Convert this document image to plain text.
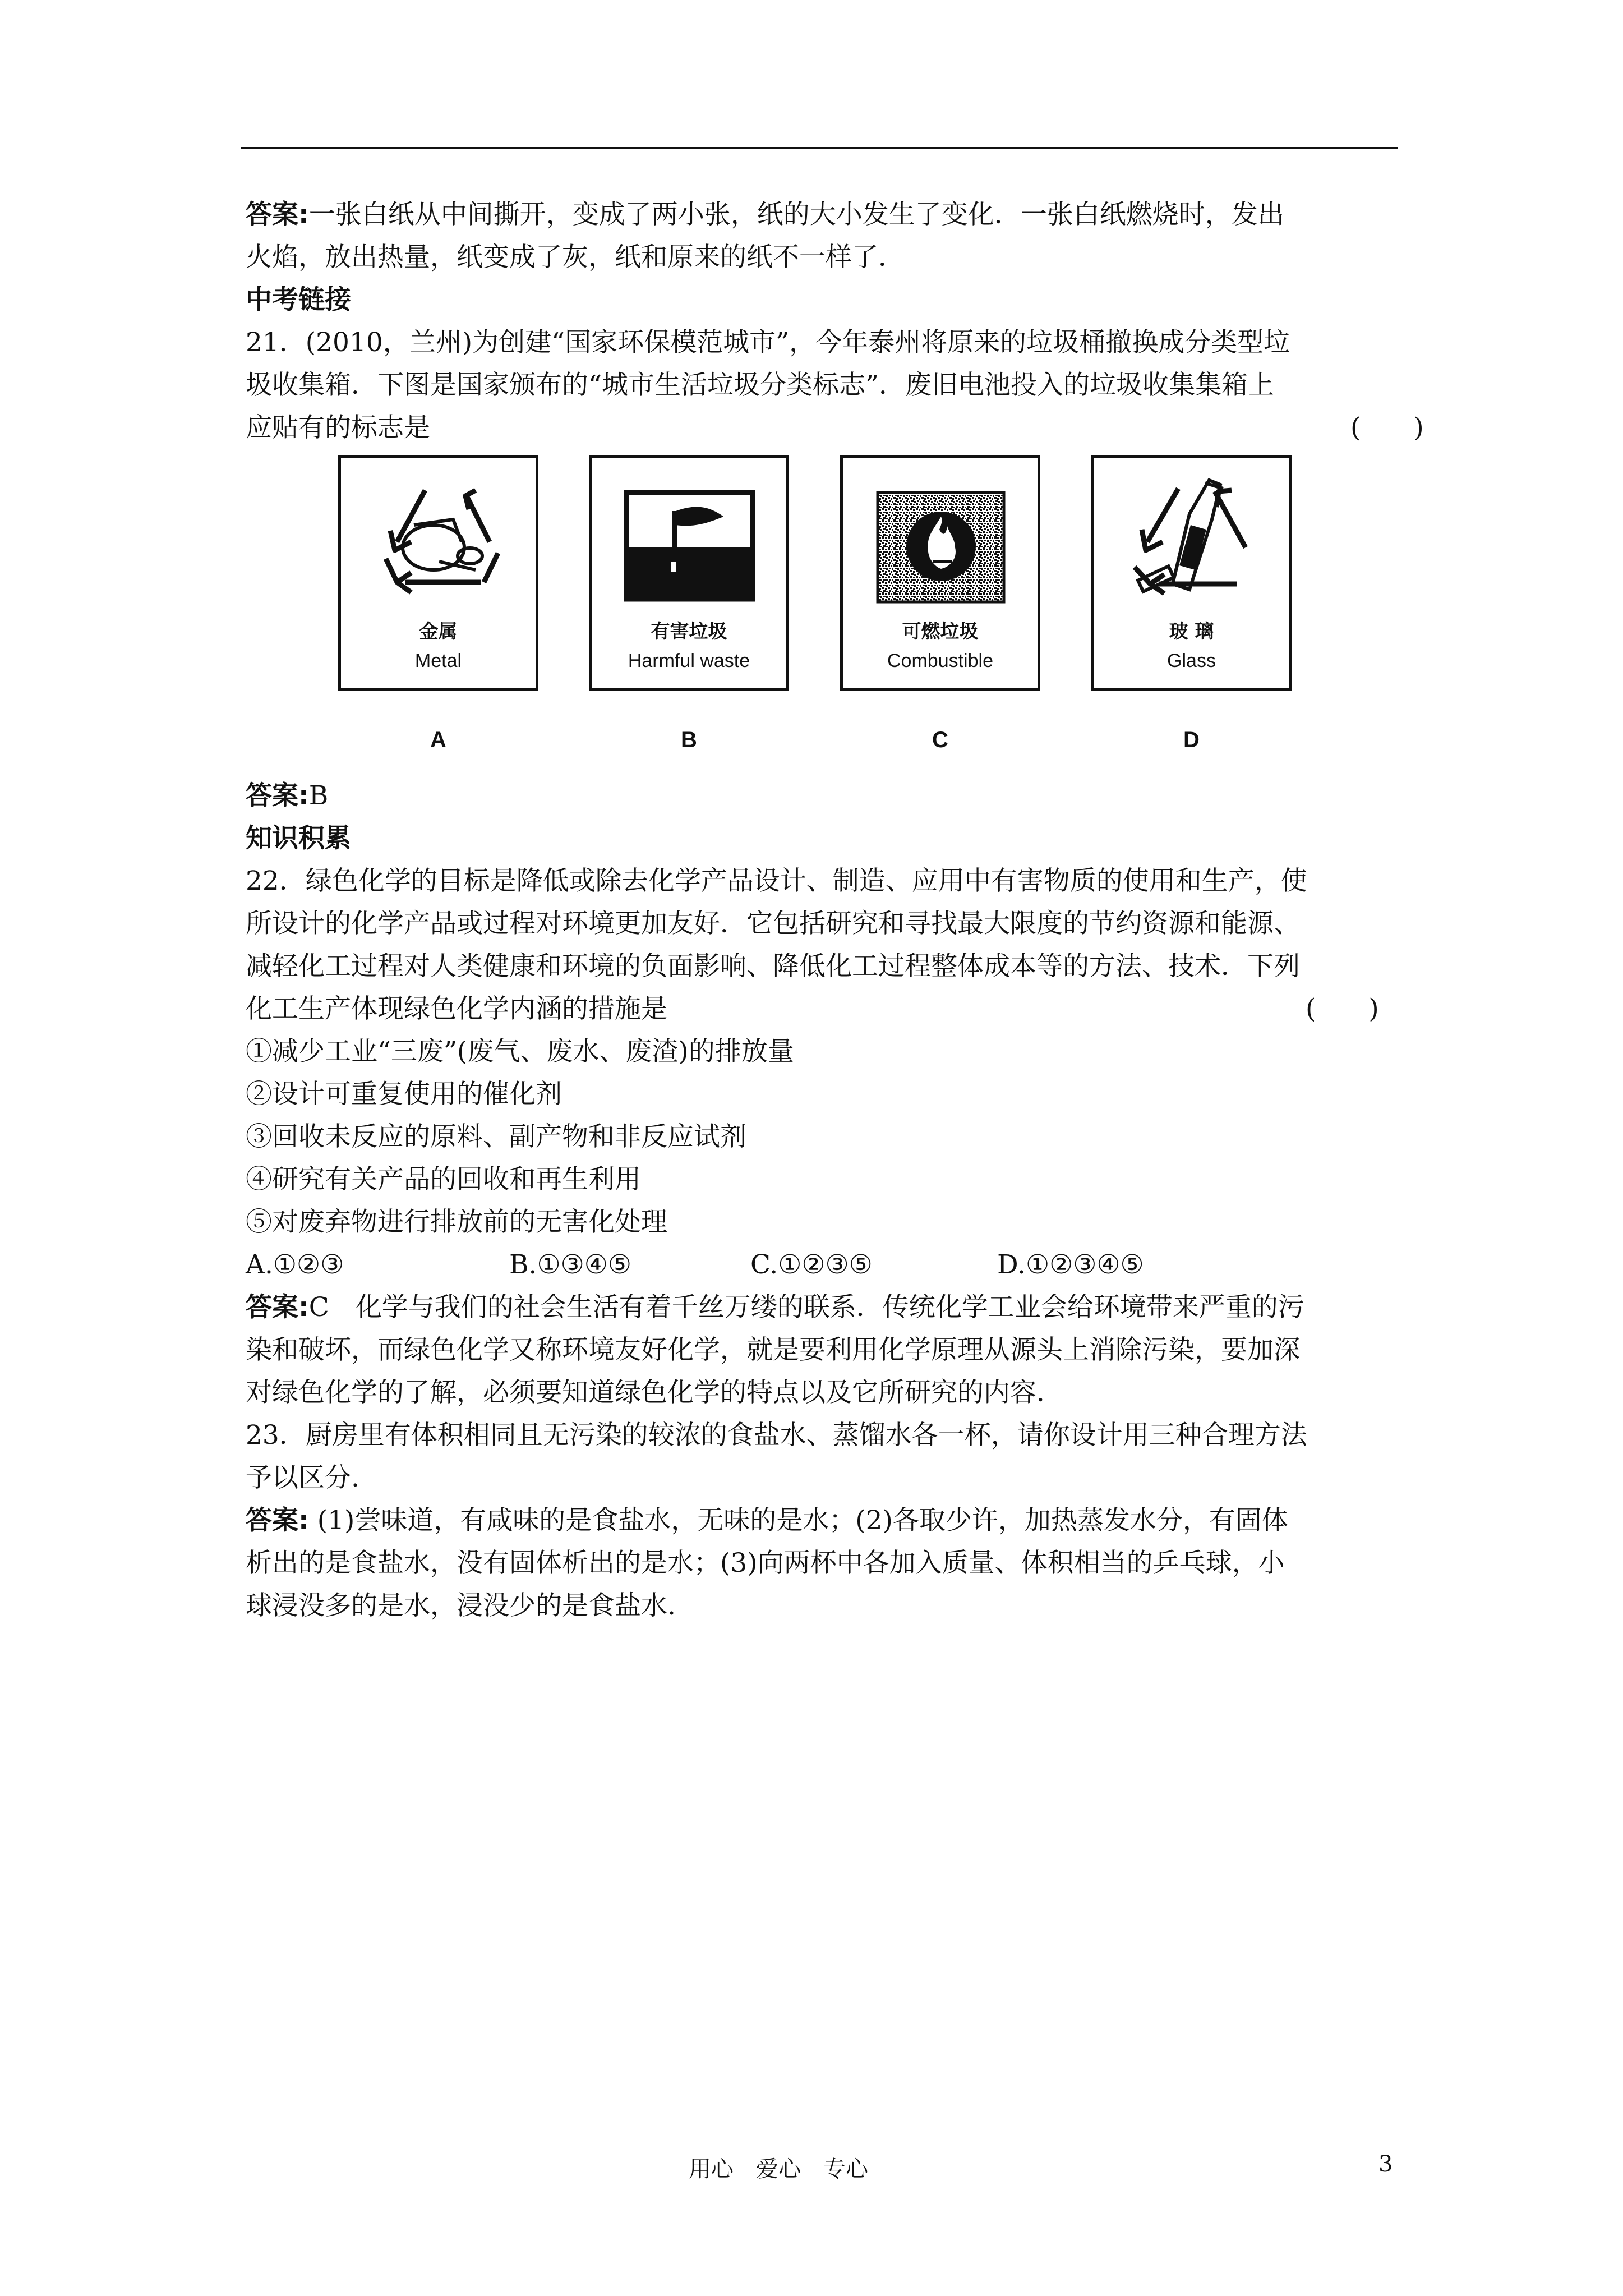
答案:一张白纸从中间撕开，变成了两小张，纸的大小发生了变化．一张白纸燃烧时，发出

火焰，放出热量，纸变成了灰，纸和原来的纸不一样了．

中考链接

21．(2010，兰州)为创建“国家环保模范城市”，今年泰州将原来的垃圾桶撤换成分类型垃

圾收集箱．下图是国家颁布的“城市生活垃圾分类标志”．废旧电池投入的垃圾收集集箱上

应贴有的标志是	(　　)

金属
Metal
A
有害垃圾
Harmful waste
B
可燃垃圾
Combustible
C
玻 璃
Glass
D

答案:B

知识积累

22．绿色化学的目标是降低或除去化学产品设计、制造、应用中有害物质的使用和生产，使

所设计的化学产品或过程对环境更加友好．它包括研究和寻找最大限度的节约资源和能源、

减轻化工过程对人类健康和环境的负面影响、降低化工过程整体成本等的方法、技术．下列

化工生产体现绿色化学内涵的措施是	(　　)

①减少工业“三废”(废气、废水、废渣)的排放量

②设计可重复使用的催化剂

③回收未反应的原料、副产物和非反应试剂

④研究有关产品的回收和再生利用

⑤对废弃物进行排放前的无害化处理

A.①②③	B.①③④⑤	C.①②③⑤	D.①②③④⑤

答案:C　化学与我们的社会生活有着千丝万缕的联系．传统化学工业会给环境带来严重的污

染和破坏，而绿色化学又称环境友好化学，就是要利用化学原理从源头上消除污染，要加深

对绿色化学的了解，必须要知道绿色化学的特点以及它所研究的内容．

23．厨房里有体积相同且无污染的较浓的食盐水、蒸馏水各一杯，请你设计用三种合理方法

予以区分.

答案: (1)尝味道，有咸味的是食盐水，无味的是水；(2)各取少许，加热蒸发水分，有固体

析出的是食盐水，没有固体析出的是水；(3)向两杯中各加入质量、体积相当的乒乓球，小

球浸没多的是水，浸没少的是食盐水.

用心　爱心　专心	3
